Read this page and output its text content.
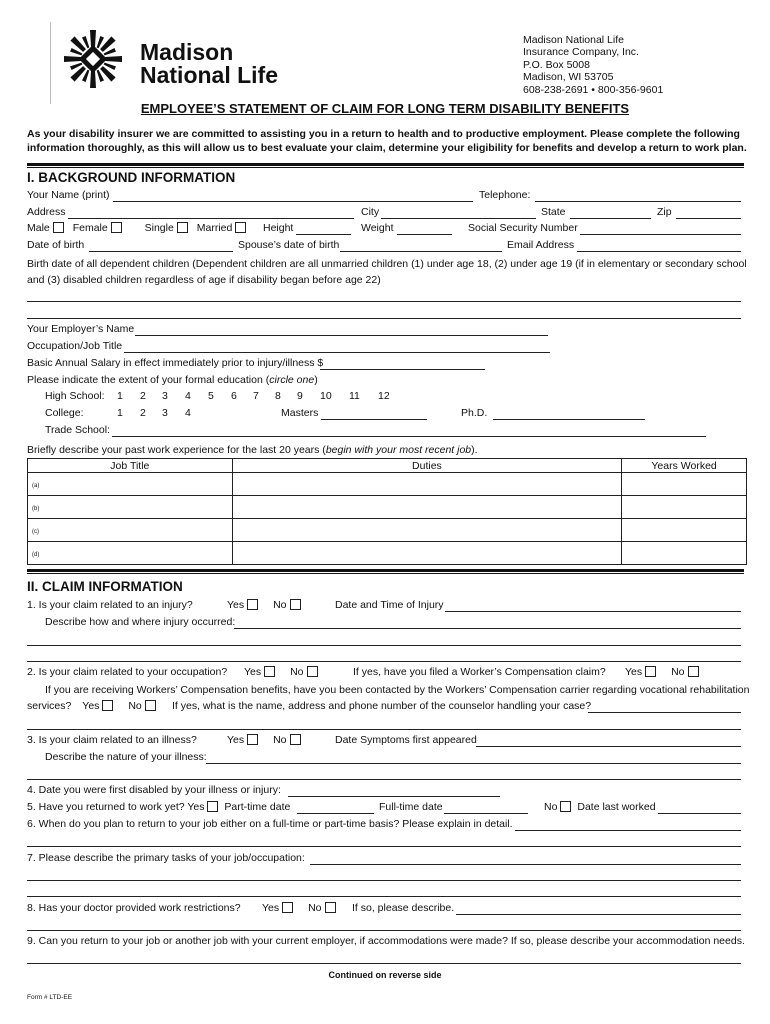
Madison
National Life
Madison National Life
Insurance Company, Inc.
P.O. Box 5008
Madison, WI 53705
608-238-2691 • 800-356-9601
EMPLOYEE’S STATEMENT OF CLAIM FOR LONG TERM DISABILITY BENEFITS
As your disability insurer we are committed to assisting you in a return to health and to productive employment. Please complete the following
information thoroughly, as this will allow us to best evaluate your claim, determine your eligibility for benefits and develop a return to work plan.
I. BACKGROUND INFORMATION
Your Name (print)	Telephone:
Address	City	State	Zip
Male Female	Single Married	Height	Weight	Social Security Number
Date of birth	Spouse’s date of birth	Email Address
Birth date of all dependent children (Dependent children are all unmarried children (1) under age 18, (2) under age 19 (if in elementary or secondary school
and (3) disabled children regardless of age if disability began before age 22)
Your Employer’s Name
Occupation/Job Title
Basic Annual Salary in effect immediately prior to injury/illness $
Please indicate the extent of your formal education (circle one)
High School: 1 2 3 4 5 6 7 8 9 10 11 12
College:	1 2 3 4	Masters	Ph.D.
Trade School:
Briefly describe your past work experience for the last 20 years (begin with your most recent job).
Job Title	Duties	Years Worked
(a)		
(b)		
(c)		
(d)		
II. CLAIM INFORMATION
1. Is your claim related to an injury?	Yes	No	Date and Time of Injury
Describe how and where injury occurred:
2. Is your claim related to your occupation? Yes	No	If yes, have you filed a Worker’s Compensation claim? Yes	No
If you are receiving Workers’ Compensation benefits, have you been contacted by the Workers’ Compensation carrier regarding vocational rehabilitation
services? Yes	No	If yes, what is the name, address and phone number of the counselor handling your case?
3. Is your claim related to an illness?	Yes	No	Date Symptoms first appeared
Describe the nature of your illness:
4. Date you were first disabled by your illness or injury:
5. Have you returned to work yet? Yes Part-time date	Full-time date	No Date last worked
6. When do you plan to return to your job either on a full-time or part-time basis? Please explain in detail.
7. Please describe the primary tasks of your job/occupation:
8. Has your doctor provided work restrictions? Yes	No	If so, please describe.
9. Can you return to your job or another job with your current employer, if accommodations were made? If so, please describe your accommodation needs.
Continued on reverse side
Form # LTD-EE
